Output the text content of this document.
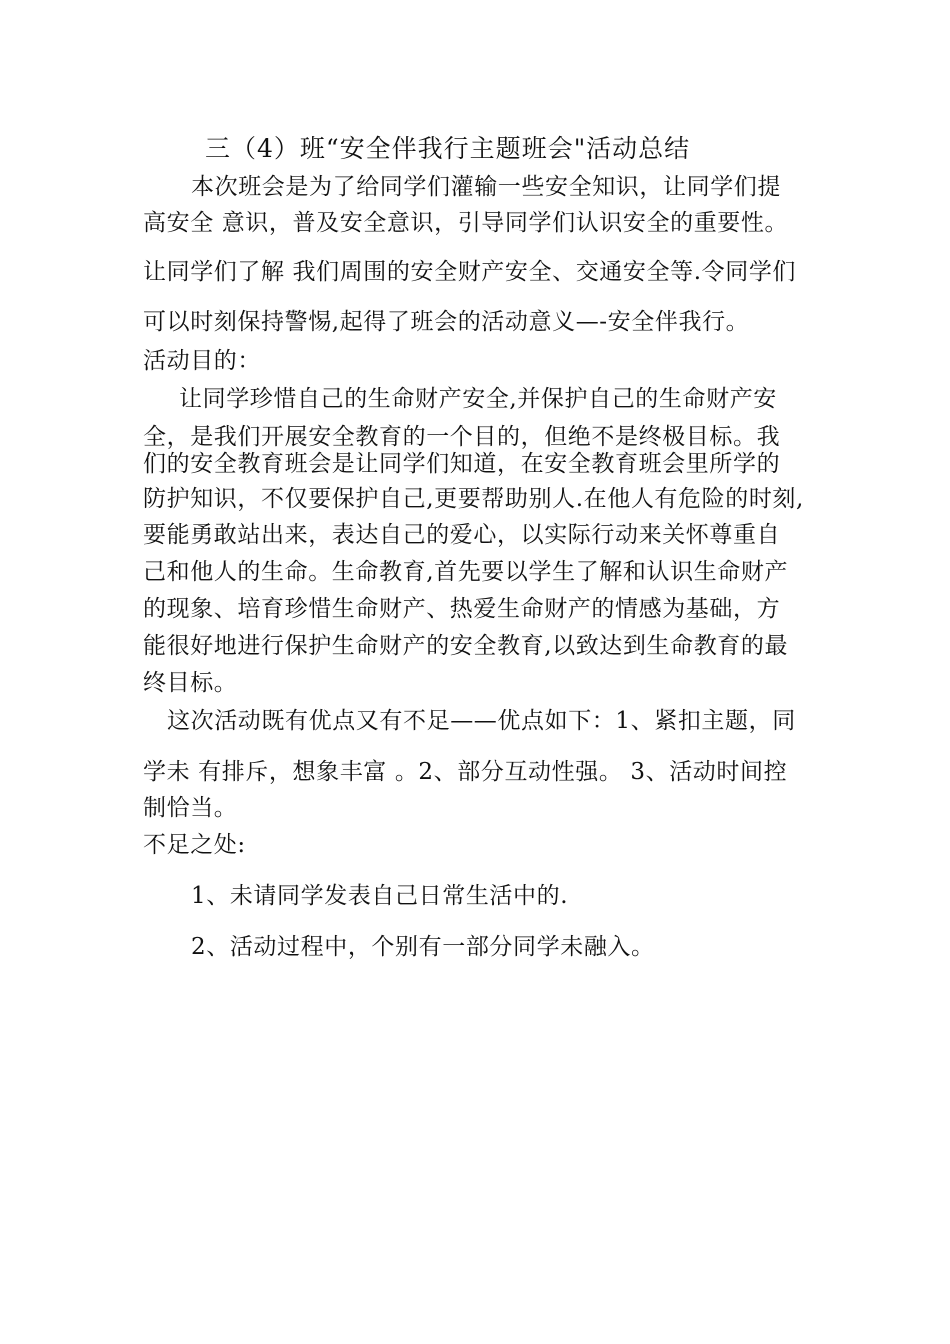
三（4）班“安全伴我行主题班会"活动总结
本次班会是为了给同学们灌输一些安全知识，让同学们提
高安全 意识，普及安全意识，引导同学们认识安全的重要性。
让同学们了解 我们周围的安全财产安全、交通安全等.令同学们
可以时刻保持警惕,起得了班会的活动意义—-安全伴我行。
活动目的：
让同学珍惜自己的生命财产安全,并保护自己的生命财产安
全，是我们开展安全教育的一个目的，但绝不是终极目标。我
们的安全教育班会是让同学们知道，在安全教育班会里所学的
防护知识，不仅要保护自己,更要帮助别人.在他人有危险的时刻,
要能勇敢站出来，表达自己的爱心，以实际行动来关怀尊重自
己和他人的生命。生命教育,首先要以学生了解和认识生命财产
的现象、培育珍惜生命财产、热爱生命财产的情感为基础，方
能很好地进行保护生命财产的安全教育,以致达到生命教育的最
终目标。
这次活动既有优点又有不足——优点如下：1、紧扣主题，同
学未 有排斥，想象丰富 。2、部分互动性强。 3、活动时间控
制恰当。
不足之处:
1、未请同学发表自己日常生活中的.
2、活动过程中，个别有一部分同学未融入。
